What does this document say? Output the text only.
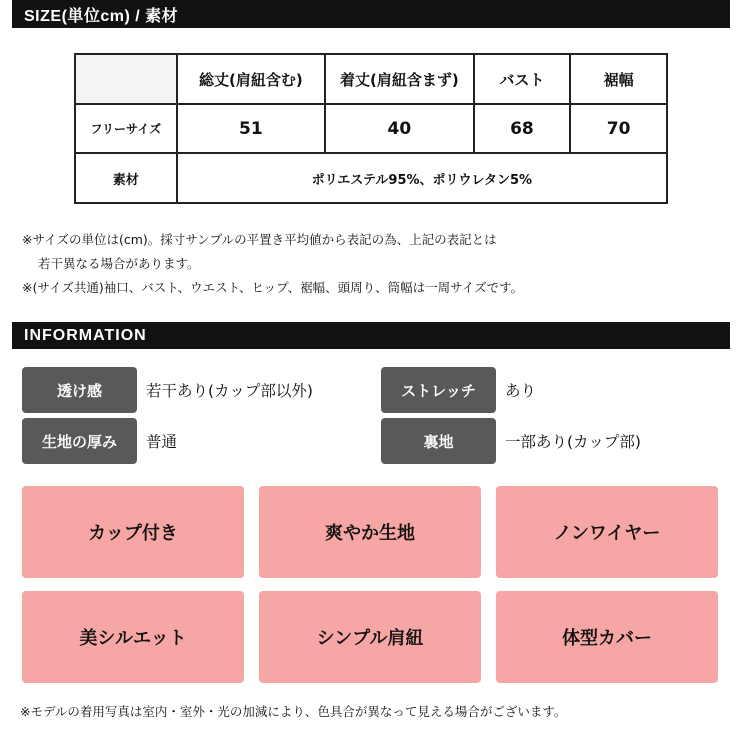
SIZE(単位cm) / 素材
	総丈(肩紐含む)	着丈(肩紐含まず)	バスト	裾幅
フリーサイズ	51	40	68	70
素材	ポリエステル95%、ポリウレタン5%			
※サイズの単位は(cm)。採寸サンプルの平置き平均値から表記の為、上記の表記とは
若干異なる場合があります。
※(サイズ共通)袖口、バスト、ウエスト、ヒップ、裾幅、頭周り、筒幅は一周サイズです。
INFORMATION
透け感	若干あり(カップ部以外)	ストレッチ	あり
生地の厚み	普通	裏地	一部あり(カップ部)
カップ付き	爽やか生地	ノンワイヤー
美シルエット	シンプル肩紐	体型カバー
※モデルの着用写真は室内・室外・光の加減により、色具合が異なって見える場合がございます。
